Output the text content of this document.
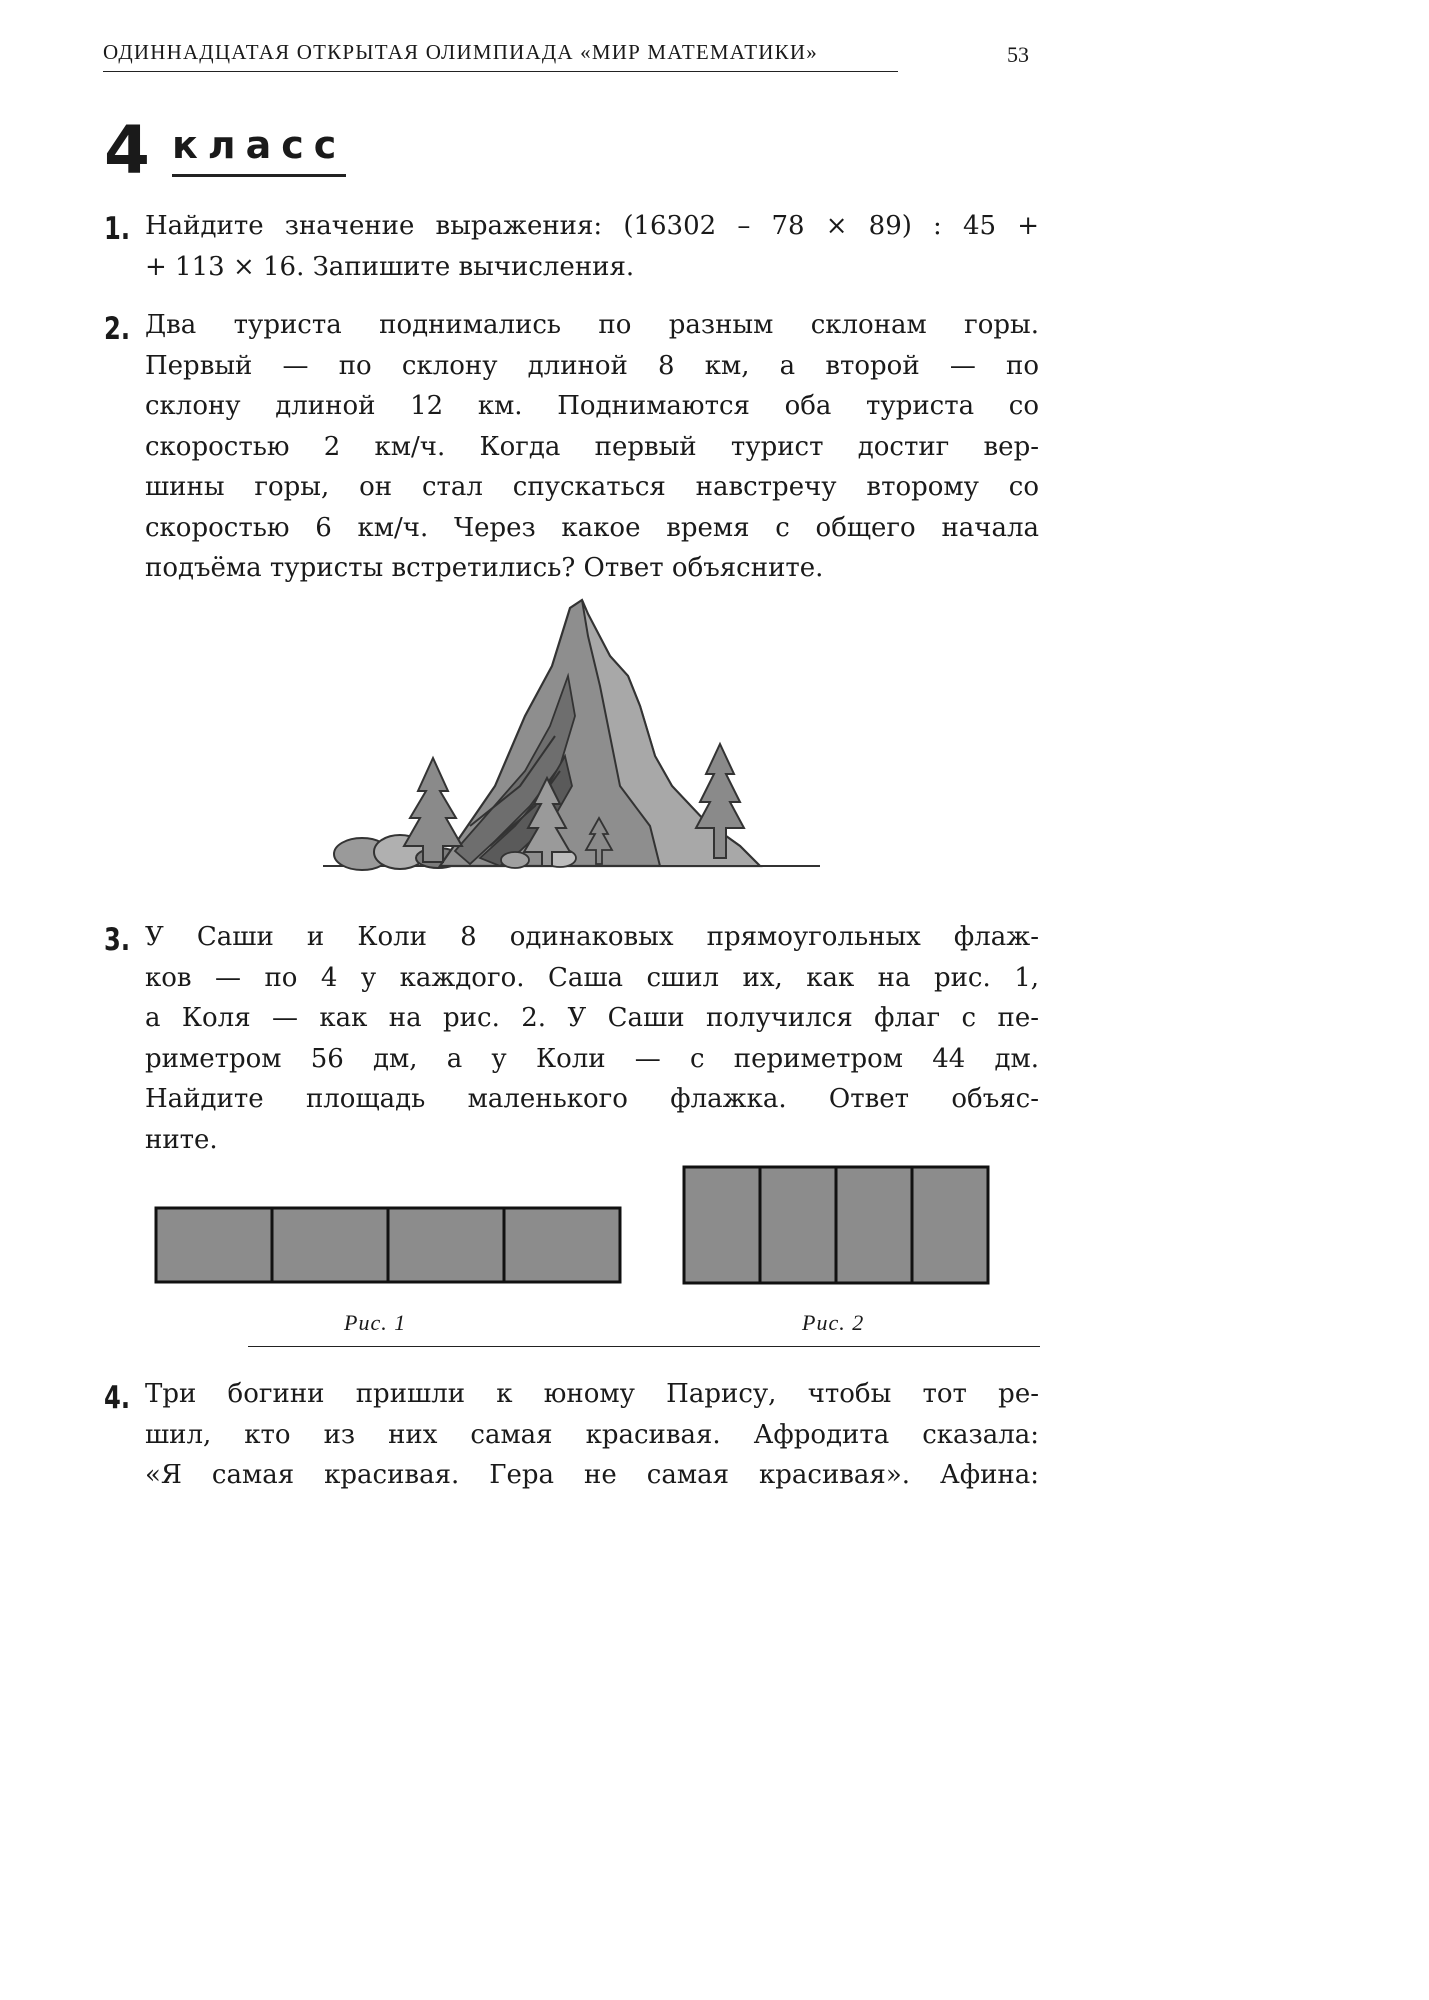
ОДИННАДЦАТАЯ ОТКРЫТАЯ ОЛИМПИАДА «МИР МАТЕМАТИКИ»	53
4 класс
1. Найдите значение выражения: (16302 – 78 × 89) : 45 +
+ 113 × 16. Запишите вычисления.

2. Два туриста поднимались по разным склонам горы.
Первый — по склону длиной 8 км, а второй — по
склону длиной 12 км. Поднимаются оба туриста со
скоростью 2 км/ч. Когда первый турист достиг вер-
шины горы, он стал спускаться навстречу второму со
скоростью 6 км/ч. Через какое время с общего начала
подъёма туристы встретились? Ответ объясните.

3. У Саши и Коли 8 одинаковых прямоугольных флаж-
ков — по 4 у каждого. Саша сшил их, как на рис. 1,
а Коля — как на рис. 2. У Саши получился флаг с пе-
риметром 56 дм, а у Коли — с периметром 44 дм.
Найдите площадь маленького флажка. Ответ объяс-
ните.

Рис. 1	Рис. 2
4. Три богини пришли к юному Парису, чтобы тот ре-
шил, кто из них самая красивая. Афродита сказала:
«Я самая красивая. Гера не самая красивая». Афина:
